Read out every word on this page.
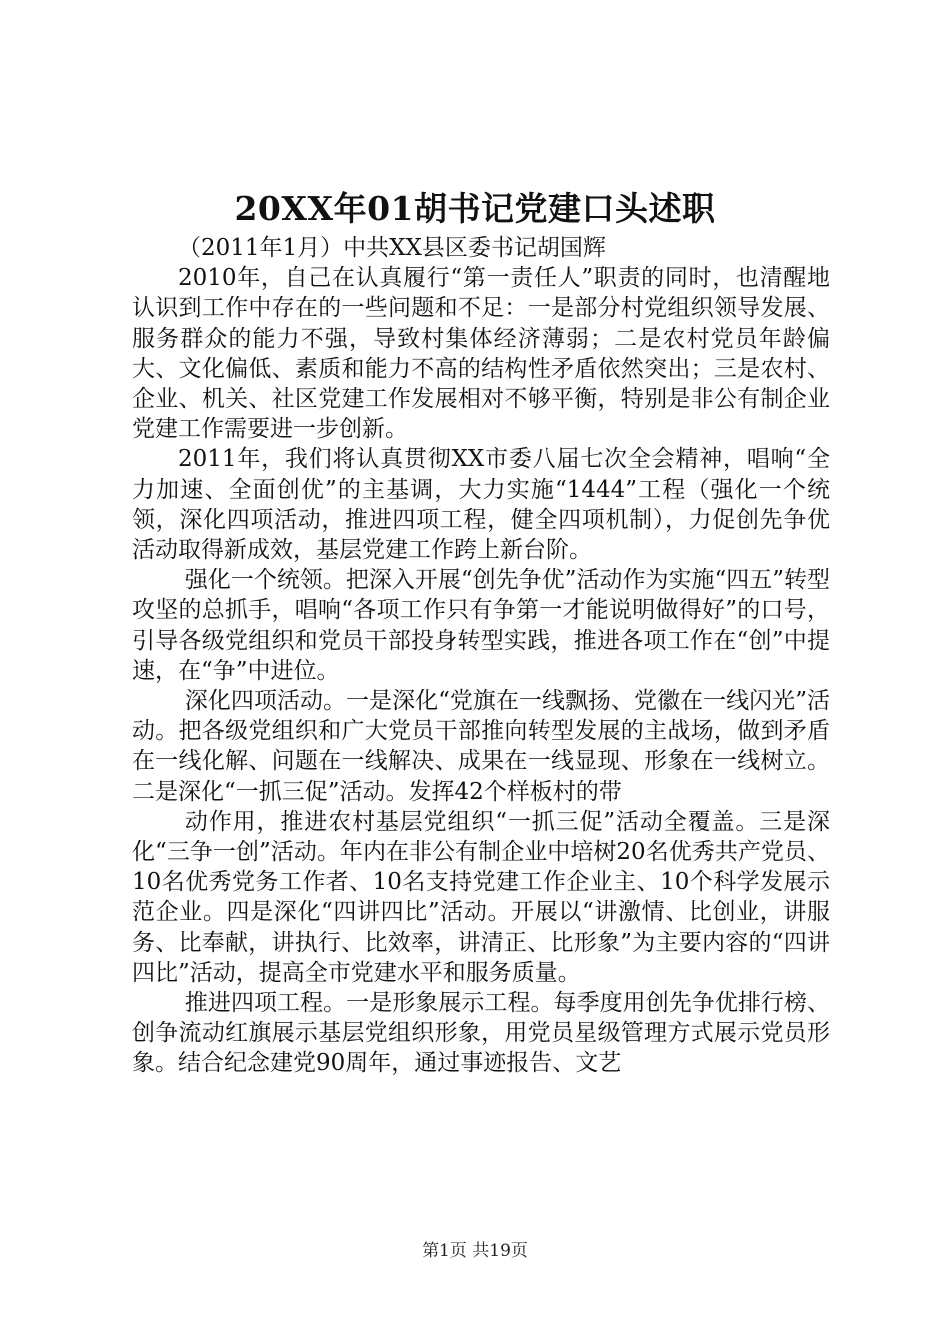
20XX年01胡书记党建口头述职

（2011年1月）中共XX县区委书记胡国辉

2010年，自己在认真履行“第一责任人”职责的同时，也清醒地认识到工作中存在的一些问题和不足：一是部分村党组织领导发展、服务群众的能力不强，导致村集体经济薄弱；二是农村党员年龄偏大、文化偏低、素质和能力不高的结构性矛盾依然突出；三是农村、企业、机关、社区党建工作发展相对不够平衡，特别是非公有制企业党建工作需要进一步创新。

2011年，我们将认真贯彻XX市委八届七次全会精神，唱响“全力加速、全面创优”的主基调，大力实施“1444”工程（强化一个统领，深化四项活动，推进四项工程，健全四项机制），力促创先争优活动取得新成效，基层党建工作跨上新台阶。

强化一个统领。把深入开展“创先争优”活动作为实施“四五”转型攻坚的总抓手，唱响“各项工作只有争第一才能说明做得好”的口号，引导各级党组织和党员干部投身转型实践，推进各项工作在“创”中提速，在“争”中进位。

深化四项活动。一是深化“党旗在一线飘扬、党徽在一线闪光”活动。把各级党组织和广大党员干部推向转型发展的主战场，做到矛盾在一线化解、问题在一线解决、成果在一线显现、形象在一线树立。二是深化“一抓三促”活动。发挥42个样板村的带

动作用，推进农村基层党组织“一抓三促”活动全覆盖。三是深化“三争一创”活动。年内在非公有制企业中培树20名优秀共产党员、10名优秀党务工作者、10名支持党建工作企业主、10个科学发展示范企业。四是深化“四讲四比”活动。开展以“讲激情、比创业，讲服务、比奉献，讲执行、比效率，讲清正、比形象”为主要内容的“四讲四比”活动，提高全市党建水平和服务质量。

推进四项工程。一是形象展示工程。每季度用创先争优排行榜、创争流动红旗展示基层党组织形象，用党员星级管理方式展示党员形象。结合纪念建党90周年，通过事迹报告、文艺

第1页 共19页
